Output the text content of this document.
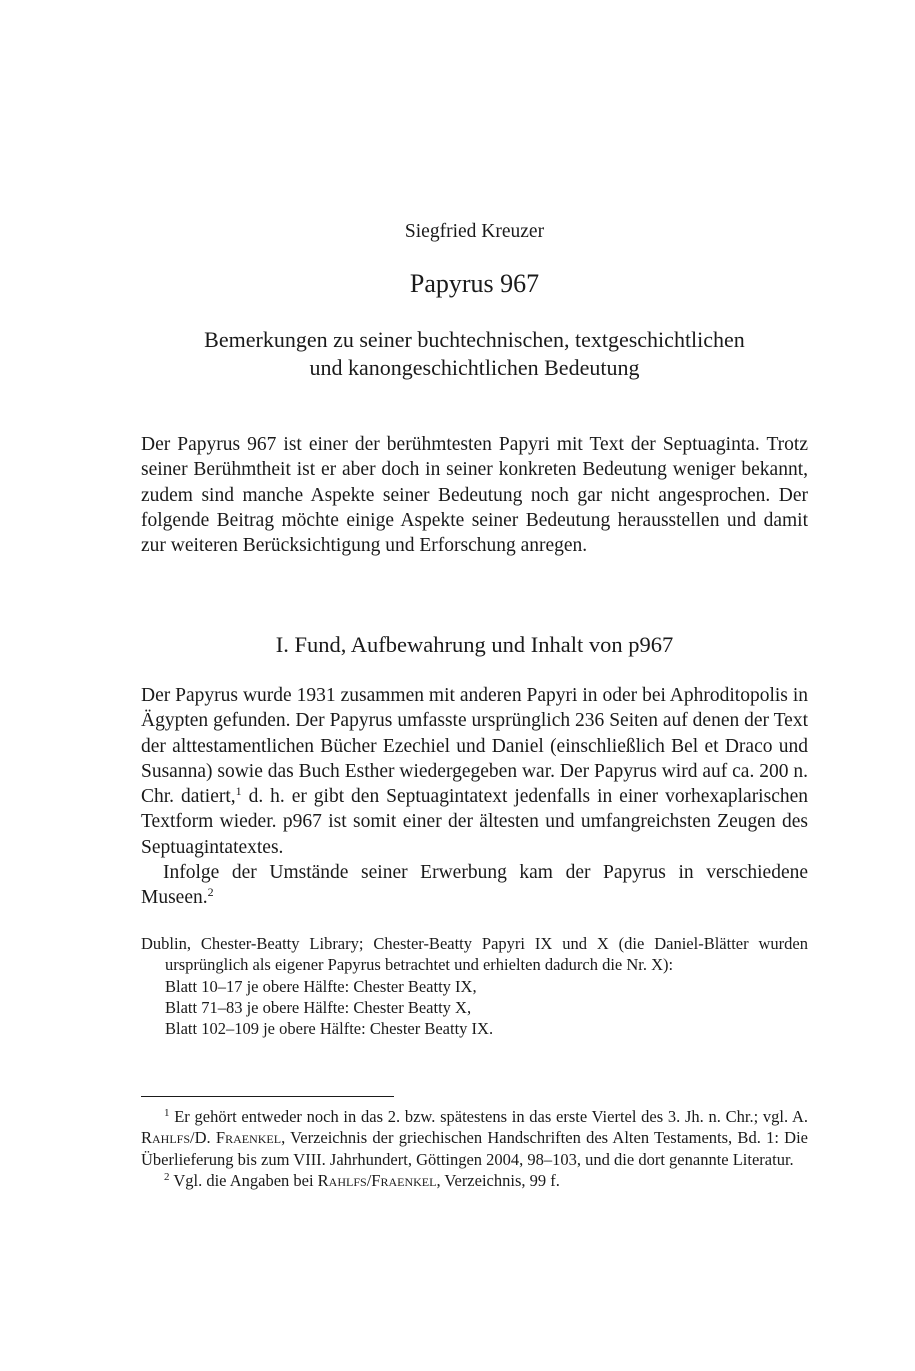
Siegfried Kreuzer
Papyrus 967
Bemerkungen zu seiner buchtechnischen, textgeschichtlichen
und kanongeschichtlichen Bedeutung
Der Papyrus 967 ist einer der berühmtesten Papyri mit Text der Septuaginta. Trotz seiner Berühmtheit ist er aber doch in seiner konkreten Bedeutung weniger bekannt, zudem sind manche Aspekte seiner Bedeutung noch gar nicht angesprochen. Der folgende Beitrag möchte einige Aspekte seiner Bedeutung herausstellen und damit zur weiteren Berücksichtigung und Erforschung anregen.
I. Fund, Aufbewahrung und Inhalt von p967

Der Papyrus wurde 1931 zusammen mit anderen Papyri in oder bei Aphroditopolis in Ägypten gefunden. Der Papyrus umfasste ursprünglich 236 Seiten auf denen der Text der alttestamentlichen Bücher Ezechiel und Daniel (einschließlich Bel et Draco und Susanna) sowie das Buch Esther wiedergegeben war. Der Papyrus wird auf ca. 200 n. Chr. datiert,$^1$ d. h. er gibt den Septuagintatext jedenfalls in einer vorhexaplarischen Textform wieder. p967 ist somit einer der ältesten und umfangreichsten Zeugen des Septuagintatextes.

Infolge der Umstände seiner Erwerbung kam der Papyrus in verschiedene Museen.$^2$

Dublin, Chester-Beatty Library; Chester-Beatty Papyri IX und X (die Daniel-Blätter wurden ursprünglich als eigener Papyrus betrachtet und erhielten dadurch die Nr. X):

Blatt 10–17 je obere Hälfte: Chester Beatty IX,

Blatt 71–83 je obere Hälfte: Chester Beatty X,

Blatt 102–109 je obere Hälfte: Chester Beatty IX.

$^1$ Er gehört entweder noch in das 2. bzw. spätestens in das erste Viertel des 3. Jh. n. Chr.; vgl. A. Rahlfs/D. Fraenkel, Verzeichnis der griechischen Handschriften des Alten Testaments, Bd. 1: Die Überlieferung bis zum VIII. Jahrhundert, Göttingen 2004, 98–103, und die dort genannte Literatur.

$^2$ Vgl. die Angaben bei Rahlfs/Fraenkel, Verzeichnis, 99 f.
